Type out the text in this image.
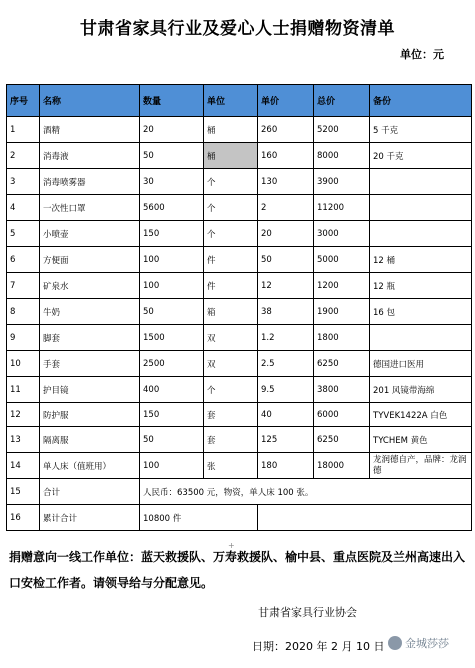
甘肃省家具行业及爱心人士捐赠物资清单
单位：元
序号	名称	数量	单位	单价	总价	备份
1	酒精	20	桶	260	5200	5 千克
2	消毒液	50	桶	160	8000	20 千克
3	消毒喷雾器	30	个	130	3900	
4	一次性口罩	5600	个	2	11200	
5	小喷壶	150	个	20	3000	
6	方便面	100	件	50	5000	12 桶
7	矿泉水	100	件	12	1200	12 瓶
8	牛奶	50	箱	38	1900	16 包
9	脚套	1500	双	1.2	1800	
10	手套	2500	双	2.5	6250	德国进口医用
11	护目镜	400	个	9.5	3800	201 风镜带海绵
12	防护服	150	套	40	6000	TYVEK1422A 白色
13	隔离服	50	套	125	6250	TYCHEM 黄色
14	单人床（值班用）	100	张	180	18000	龙润德自产，品牌：龙润德
15	合计	人民币：63500 元，物资，单人床 100 张。				
16	累计合计	10800 件				
+
捐赠意向一线工作单位：蓝天救援队、万寿救援队、榆中县、重点医院及兰州高速出入口安检工作者。请领导给与分配意见。
甘肃省家具行业协会
日期：2020 年 2 月 10 日 金城莎莎
